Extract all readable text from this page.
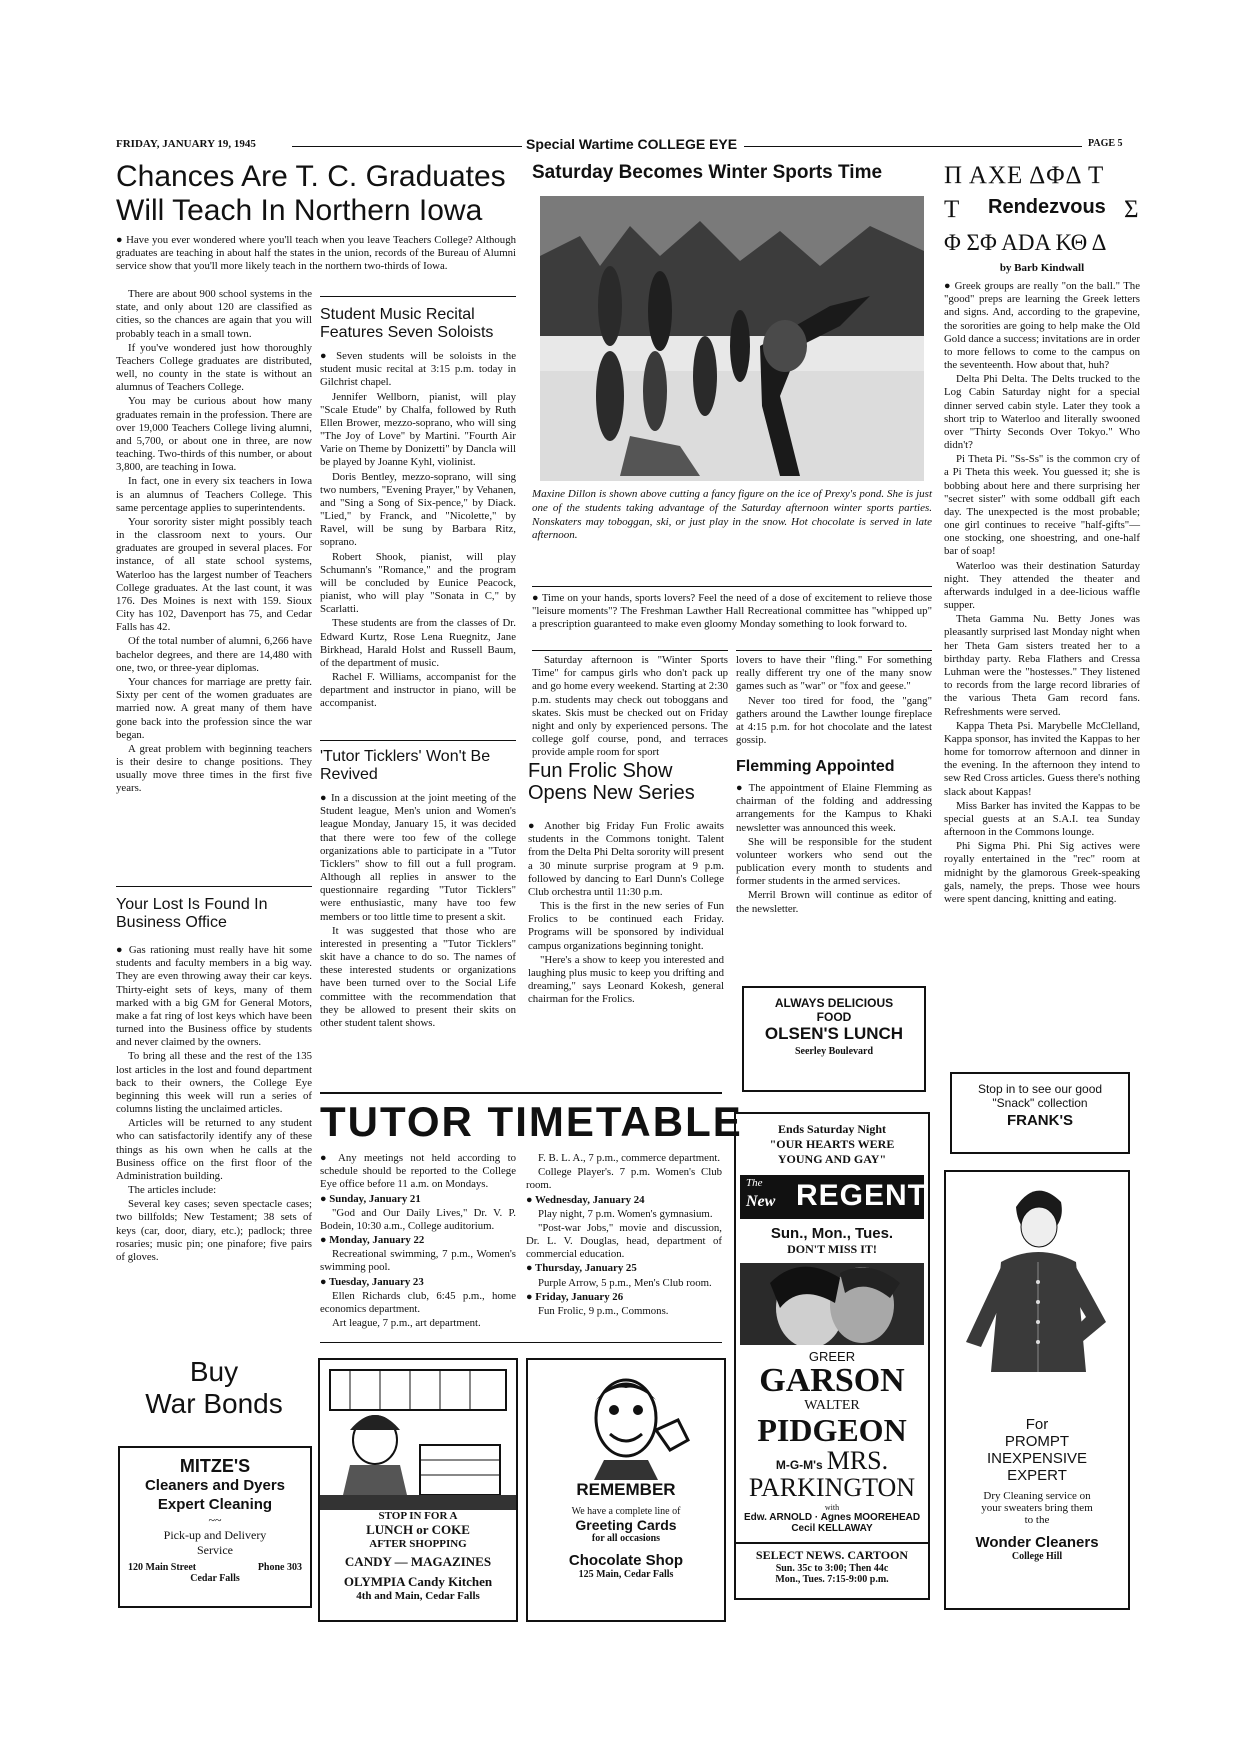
FRIDAY, JANUARY 19, 1945	Special Wartime COLLEGE EYE	PAGE 5
Chances Are T. C. Graduates Will Teach In Northern Iowa

● Have you ever wondered where you'll teach when you leave Teachers College? Although graduates are teaching in about half the states in the union, records of the Bureau of Alumni service show that you'll more likely teach in the northern two-thirds of Iowa.

There are about 900 school systems in the state, and only about 120 are classified as cities, so the chances are again that you will probably teach in a small town.

If you've wondered just how thoroughly Teachers College graduates are distributed, well, no county in the state is without an alumnus of Teachers College.

You may be curious about how many graduates remain in the profession. There are over 19,000 Teachers College living alumni, and 5,700, or about one in three, are now teaching. Two-thirds of this number, or about 3,800, are teaching in Iowa.

In fact, one in every six teachers in Iowa is an alumnus of Teachers College. This same percentage applies to superintendents.

Your sorority sister might possibly teach in the classroom next to yours. Our graduates are grouped in several places. For instance, of all state school systems, Waterloo has the largest number of Teachers College graduates. At the last count, it was 176. Des Moines is next with 159. Sioux City has 102, Davenport has 75, and Cedar Falls has 42.

Of the total number of alumni, 6,266 have bachelor degrees, and there are 14,480 with one, two, or three-year diplomas.

Your chances for marriage are pretty fair. Sixty per cent of the women graduates are married now. A great many of them have gone back into the profession since the war began.

A great problem with beginning teachers is their desire to change positions. They usually move three times in the first five years.

Your Lost Is Found In Business Office

● Gas rationing must really have hit some students and faculty members in a big way. They are even throwing away their car keys. Thirty-eight sets of keys, many of them marked with a big GM for General Motors, make a fat ring of lost keys which have been turned into the Business office by students and never claimed by the owners.

To bring all these and the rest of the 135 lost articles in the lost and found department back to their owners, the College Eye beginning this week will run a series of columns listing the unclaimed articles.

Articles will be returned to any student who can satisfactorily identify any of these things as his own when he calls at the Business office on the first floor of the Administration building.

The articles include:

Several key cases; seven spectacle cases; two billfolds; New Testament; 38 sets of keys (car, door, diary, etc.); padlock; three rosaries; music pin; one pinafore; five pairs of gloves.

Student Music Recital Features Seven Soloists

● Seven students will be soloists in the student music recital at 3:15 p.m. today in Gilchrist chapel.

Jennifer Wellborn, pianist, will play "Scale Etude" by Chalfa, followed by Ruth Ellen Brower, mezzo-soprano, who will sing "The Joy of Love" by Martini. "Fourth Air Varie on Theme by Donizetti" by Dancla will be played by Joanne Kyhl, violinist.

Doris Bentley, mezzo-soprano, will sing two numbers, "Evening Prayer," by Vehanen, and "Sing a Song of Six-pence," by Diack. "Lied," by Franck, and "Nicolette," by Ravel, will be sung by Barbara Ritz, soprano.

Robert Shook, pianist, will play Schumann's "Romance," and the program will be concluded by Eunice Peacock, pianist, who will play "Sonata in C," by Scarlatti.

These students are from the classes of Dr. Edward Kurtz, Rose Lena Ruegnitz, Jane Birkhead, Harald Holst and Russell Baum, of the department of music.

Rachel F. Williams, accompanist for the department and instructor in piano, will be accompanist.

'Tutor Ticklers' Won't Be Revived

● In a discussion at the joint meeting of the Student league, Men's union and Women's league Monday, January 15, it was decided that there were too few of the college organizations able to participate in a "Tutor Ticklers" show to fill out a full program. Although all replies in answer to the questionnaire regarding "Tutor Ticklers" were enthusiastic, many have too few members or too little time to present a skit.

It was suggested that those who are interested in presenting a "Tutor Ticklers" skit have a chance to do so. The names of these interested students or organizations have been turned over to the Social Life committee with the recommendation that they be allowed to present their skits on other student talent shows.

Saturday Becomes Winter Sports Time
Maxine Dillon is shown above cutting a fancy figure on the ice of Prexy's pond. She is just one of the students taking advantage of the Saturday afternoon winter sports parties. Nonskaters may toboggan, ski, or just play in the snow. Hot chocolate is served in late afternoon.

● Time on your hands, sports lovers? Feel the need of a dose of excitement to relieve those "leisure moments"? The Freshman Lawther Hall Recreational committee has "whipped up" a prescription guaranteed to make even gloomy Monday something to look forward to.

Saturday afternoon is "Winter Sports Time" for campus girls who don't pack up and go home every weekend. Starting at 2:30 p.m. students may check out toboggans and skates. Skis must be checked out on Friday night and only by experienced persons. The college golf course, pond, and terraces provide ample room for sport

lovers to have their "fling." For something really different try one of the many snow games such as "war" or "fox and geese."

Never too tired for food, the "gang" gathers around the Lawther lounge fireplace at 4:15 p.m. for hot chocolate and the latest gossip.

Fun Frolic Show Opens New Series

● Another big Friday Fun Frolic awaits students in the Commons tonight. Talent from the Delta Phi Delta sorority will present a 30 minute surprise program at 9 p.m. followed by dancing to Earl Dunn's College Club orchestra until 11:30 p.m.

This is the first in the new series of Fun Frolics to be continued each Friday. Programs will be sponsored by individual campus organizations beginning tonight.

"Here's a show to keep you interested and laughing plus music to keep you drifting and dreaming," says Leonard Kokesh, general chairman for the Frolics.

Flemming Appointed

● The appointment of Elaine Flemming as chairman of the folding and addressing arrangements for the Kampus to Khaki newsletter was announced this week.

She will be responsible for the student volunteer workers who send out the publication every month to students and former students in the armed services.

Merril Brown will continue as editor of the newsletter.

ALWAYS DELICIOUS
FOOD
OLSEN'S LUNCH
Seerley Boulevard
Π ΑΧΕ ΔΦΔ Τ
Τ Rendezvous Σ
Φ ΣΦ ΑDΑ ΚΘ Δ
by Barb Kindwall

● Greek groups are really "on the ball." The "good" preps are learning the Greek letters and signs. And, according to the grapevine, the sororities are going to help make the Old Gold dance a success; invitations are in order to more fellows to come to the campus on the seventeenth. How about that, huh?

Delta Phi Delta. The Delts trucked to the Log Cabin Saturday night for a special dinner served cabin style. Later they took a short trip to Waterloo and literally swooned over "Thirty Seconds Over Tokyo." Who didn't?

Pi Theta Pi. "Ss-Ss" is the common cry of a Pi Theta this week. You guessed it; she is bobbing about here and there surprising her "secret sister" with some oddball gift each day. The unexpected is the most probable; one girl continues to receive "half-gifts"—one stocking, one shoestring, and one-half bar of soap!

Waterloo was their destination Saturday night. They attended the theater and afterwards indulged in a dee-licious waffle supper.

Theta Gamma Nu. Betty Jones was pleasantly surprised last Monday night when her Theta Gam sisters treated her to a birthday party. Reba Flathers and Cressa Luhman were the "hostesses." They listened to records from the large record libraries of the various Theta Gam record fans. Refreshments were served.

Kappa Theta Psi. Marybelle McClelland, Kappa sponsor, has invited the Kappas to her home for tomorrow afternoon and dinner in the evening. In the afternoon they intend to sew Red Cross articles. Guess there's nothing slack about Kappas!

Miss Barker has invited the Kappas to be special guests at an S.A.I. tea Sunday afternoon in the Commons lounge.

Phi Sigma Phi. Phi Sig actives were royally entertained in the "rec" room at midnight by the glamorous Greek-speaking gals, namely, the preps. Those wee hours were spent dancing, knitting and eating.

Stop in to see our good
"Snack" collection
FRANK'S
TUTOR TIMETABLE

● Any meetings not held according to schedule should be reported to the College Eye office before 11 a.m. on Mondays.

● Sunday, January 21

"God and Our Daily Lives," Dr. V. P. Bodein, 10:30 a.m., College auditorium.

● Monday, January 22

Recreational swimming, 7 p.m., Women's swimming pool.

● Tuesday, January 23

Ellen Richards club, 6:45 p.m., home economics department.

Art league, 7 p.m., art department.

F. B. L. A., 7 p.m., commerce department.

College Player's. 7 p.m. Women's Club room.

● Wednesday, January 24

Play night, 7 p.m. Women's gymnasium.

"Post-war Jobs," movie and discussion, Dr. L. V. Douglas, head, department of commercial education.

● Thursday, January 25

Purple Arrow, 5 p.m., Men's Club room.

● Friday, January 26

Fun Frolic, 9 p.m., Commons.

Ends Saturday Night
"OUR HEARTS WERE
YOUNG AND GAY"
The
New REGENT
Sun., Mon., Tues.
DON'T MISS IT!
GREER
GARSON
WALTER
PIDGEON
M-G-M's MRS.
PARKINGTON
with
Edw. ARNOLD · Agnes MOOREHEAD
Cecil KELLAWAY
SELECT NEWS. CARTOON
Sun. 35c to 3:00; Then 44c
Mon., Tues. 7:15-9:00 p.m.
Buy
War Bonds
MITZE'S
Cleaners and Dyers
Expert Cleaning
~~
Pick-up and Delivery
Service
120 Main Street	Phone 303
Cedar Falls
STOP IN FOR A
LUNCH or COKE
AFTER SHOPPING
CANDY — MAGAZINES
OLYMPIA Candy Kitchen
4th and Main, Cedar Falls
REMEMBER
We have a complete line of
Greeting Cards
for all occasions
Chocolate Shop
125 Main, Cedar Falls
For
PROMPT
INEXPENSIVE
EXPERT
Dry Cleaning service on
your sweaters bring them
to the
Wonder Cleaners
College Hill
